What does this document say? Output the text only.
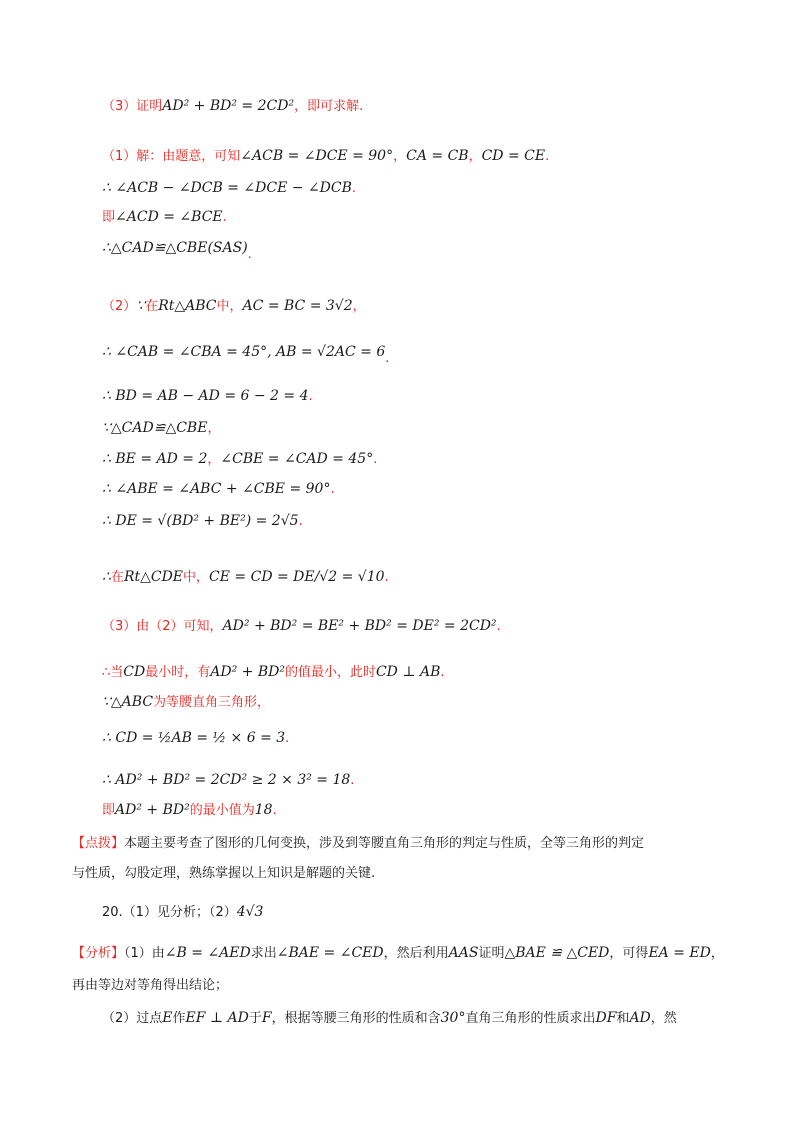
（3）证明AD² + BD² = 2CD²，即可求解.
（1）解：由题意，可知∠ACB = ∠DCE = 90°，CA = CB，CD = CE.
∴ ∠ACB − ∠DCB = ∠DCE − ∠DCB.
即∠ACD = ∠BCE.
∴△CAD≌△CBE(SAS).
（2）∵在Rt△ABC中，AC = BC = 3√2，
∴ ∠CAB = ∠CBA = 45°, AB = √2AC = 6.
∴ BD = AB − AD = 6 − 2 = 4.
∵△CAD≌△CBE，
∴ BE = AD = 2，∠CBE = ∠CAD = 45°.
∴ ∠ABE = ∠ABC + ∠CBE = 90°.
∴ DE = √(BD² + BE²) = 2√5.
∴在Rt△CDE中，CE = CD = DE/√2 = √10.
（3）由（2）可知，AD² + BD² = BE² + BD² = DE² = 2CD².
∴当CD最小时，有AD² + BD²的值最小，此时CD ⊥ AB.
∵△ABC为等腰直角三角形，
∴ CD = ½AB = ½ × 6 = 3.
∴ AD² + BD² = 2CD² ≥ 2 × 3² = 18.
即AD² + BD²的最小值为18.
【点拨】本题主要考查了图形的几何变换，涉及到等腰直角三角形的判定与性质，全等三角形的判定
与性质，勾股定理，熟练掌握以上知识是解题的关键.
20.（1）见分析；（2）4√3
【分析】（1）由∠B = ∠AED求出∠BAE = ∠CED，然后利用AAS证明△BAE ≌ △CED，可得EA = ED，
再由等边对等角得出结论；
（2）过点E作EF ⊥ AD于F，根据等腰三角形的性质和含30°直角三角形的性质求出DF和AD，然
